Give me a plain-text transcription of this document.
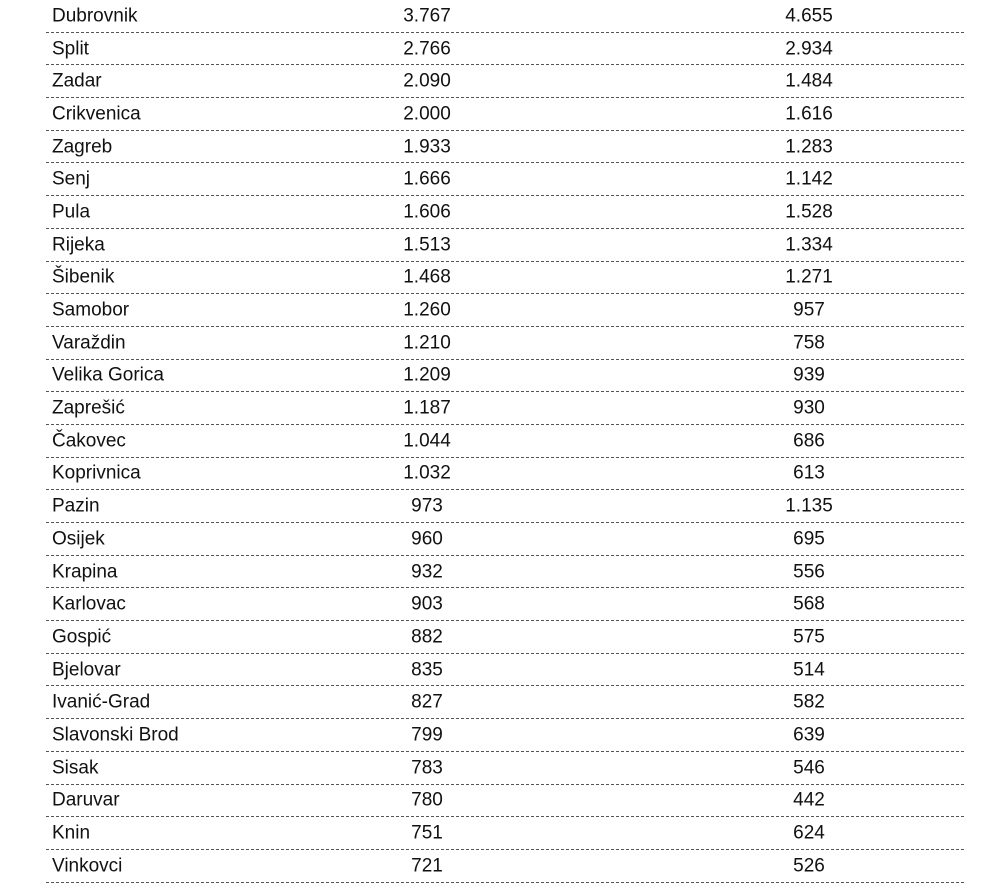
Dubrovnik	3.767	4.655
Split	2.766	2.934
Zadar	2.090	1.484
Crikvenica	2.000	1.616
Zagreb	1.933	1.283
Senj	1.666	1.142
Pula	1.606	1.528
Rijeka	1.513	1.334
Šibenik	1.468	1.271
Samobor	1.260	957
Varaždin	1.210	758
Velika Gorica	1.209	939
Zaprešić	1.187	930
Čakovec	1.044	686
Koprivnica	1.032	613
Pazin	973	1.135
Osijek	960	695
Krapina	932	556
Karlovac	903	568
Gospić	882	575
Bjelovar	835	514
Ivanić-Grad	827	582
Slavonski Brod	799	639
Sisak	783	546
Daruvar	780	442
Knin	751	624
Vinkovci	721	526
